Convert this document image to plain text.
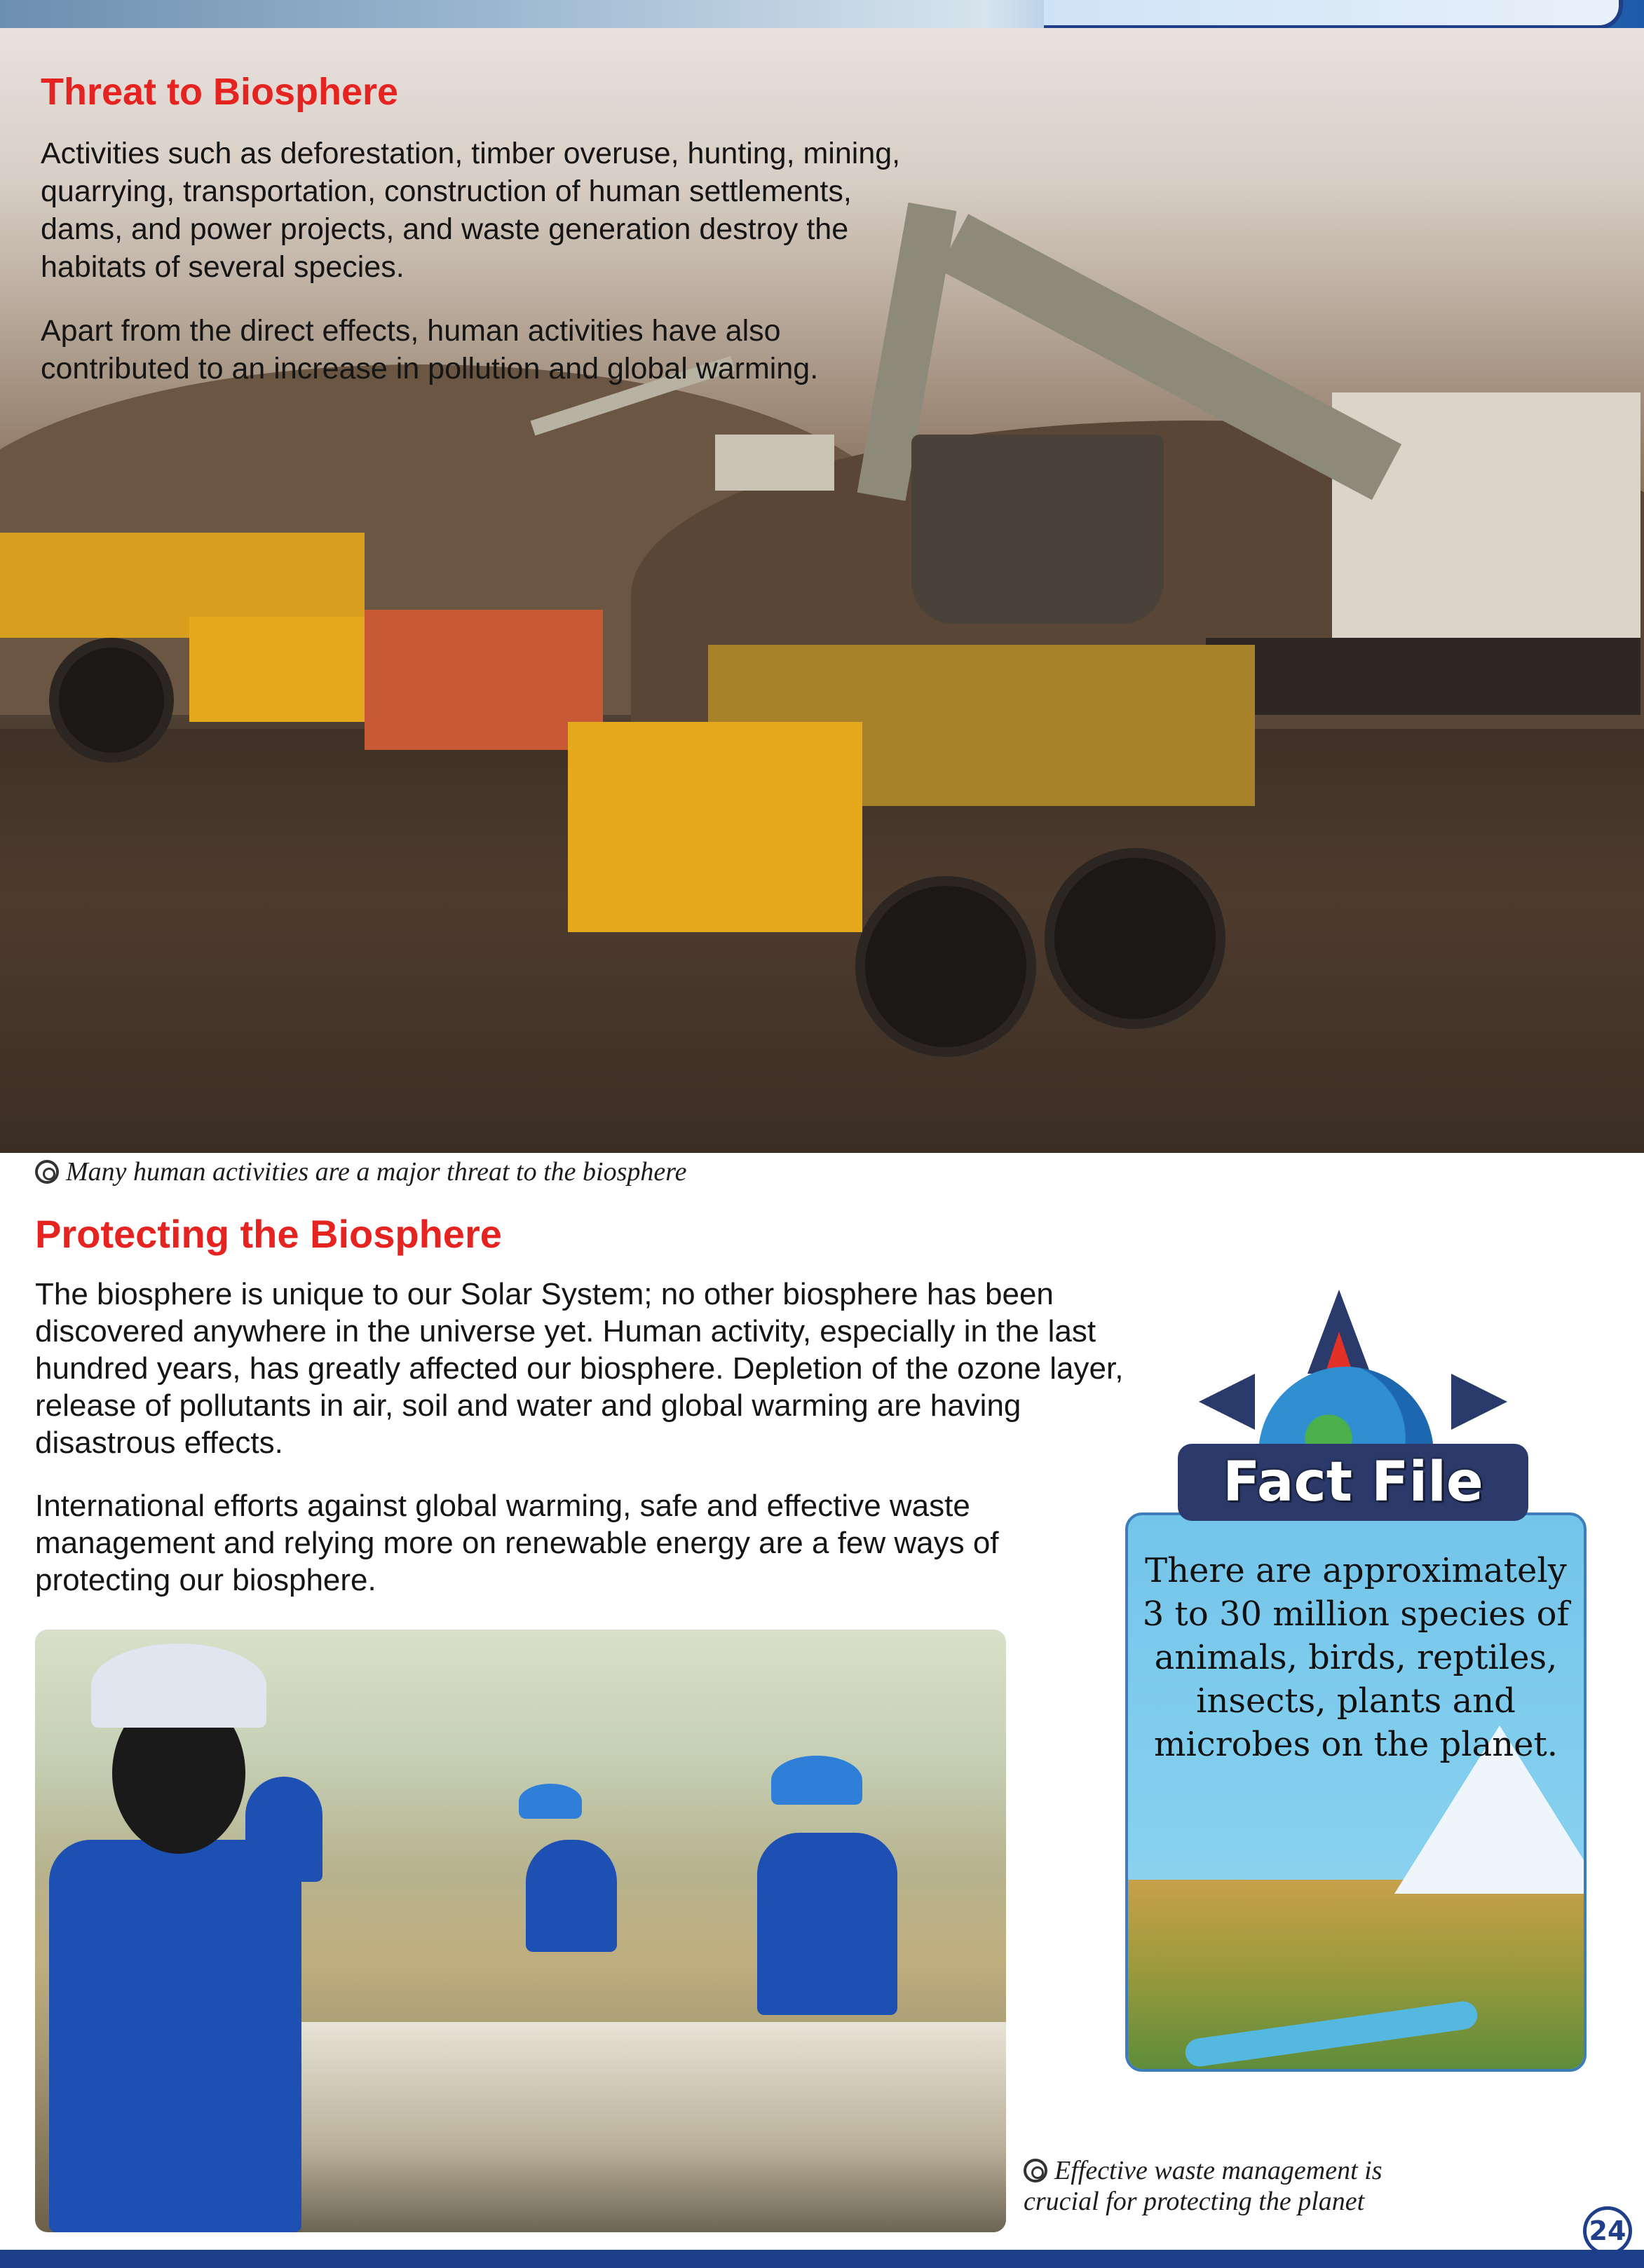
Threat to Biosphere

Activities such as deforestation, timber overuse, hunting, mining, quarrying, transportation, construction of human settlements, dams, and power projects, and waste generation destroy the habitats of several species.

Apart from the direct effects, human activities have also contributed to an increase in pollution and global warming.

Many human activities are a major threat to the biosphere
Protecting the Biosphere

The biosphere is unique to our Solar System; no other biosphere has been discovered anywhere in the universe yet. Human activity, especially in the last hundred years, has greatly affected our biosphere. Depletion of the ozone layer, release of pollutants in air, soil and water and global warming are having disastrous effects.

International efforts against global warming, safe and effective waste management and relying more on renewable energy are a few ways of protecting our biosphere.

Effective waste management is
crucial for protecting the planet

There are approximately 3 to 30 million species of animals, birds, reptiles, insects, plants and microbes on the planet.

Fact File
24
